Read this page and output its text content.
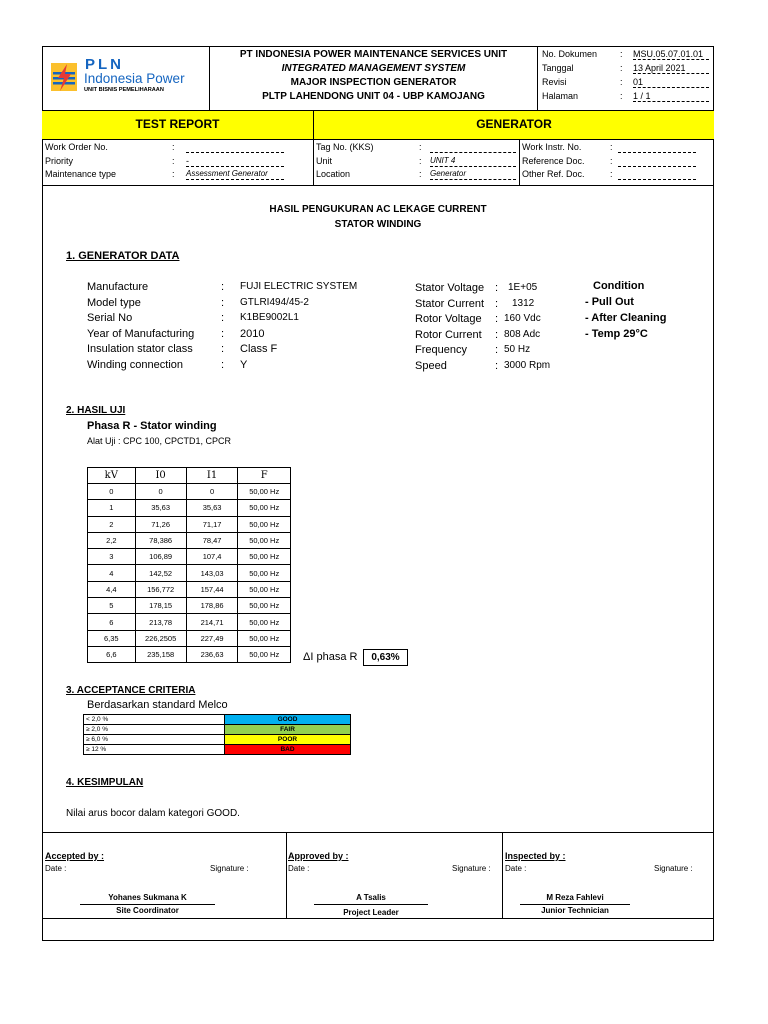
PLN
Indonesia Power
UNIT BISNIS PEMELIHARAAN
PT INDONESIA POWER MAINTENANCE SERVICES UNIT
INTEGRATED MANAGEMENT SYSTEM
MAJOR INSPECTION GENERATOR
PLTP LAHENDONG UNIT 04 - UBP KAMOJANG
No. Dokumen	: MSU.05.07.01.01
Tanggal	: 13 April 2021
Revisi	: 01
Halaman	: 1 / 1
TEST REPORT	GENERATOR
Work Order No.	:
Priority	: -
Maintenance type	: Assessment Generator
Tag No. (KKS)	:
Unit	: UNIT 4
Location	: Generator
Work Instr. No.	:
Reference Doc.	:
Other Ref. Doc.	:
HASIL PENGUKURAN AC LEKAGE CURRENT
STATOR WINDING
1. GENERATOR DATA
Manufacture	: FUJI ELECTRIC SYSTEM
Model type	: GTLRI494/45-2
Serial No	: K1BE9002L1
Year of Manufacturing : 2010
Insulation stator class	: Class F
Winding connection	: Y
Stator Voltage : 1E+05
Stator Current : 1312
Rotor Voltage : 160 Vdc
Rotor Current : 808 Adc
Frequency	: 50 Hz
Speed	: 3000 Rpm
Condition
- Pull Out
- After Cleaning
- Temp 29°C
2. HASIL UJI
Phasa R - Stator winding
Alat Uji : CPC 100, CPCTD1, CPCR
kV	I0	I1	F
0	0	0	50,00 Hz
1	35,63	35,63	50,00 Hz
2	71,26	71,17	50,00 Hz
2,2	78,386	78,47	50,00 Hz
3	106,89	107,4	50,00 Hz
4	142,52	143,03	50,00 Hz
4,4	156,772	157,44	50,00 Hz
5	178,15	178,86	50,00 Hz
6	213,78	214,71	50,00 Hz
6,35	226,2505	227,49	50,00 Hz
6,6	235,158	236,63	50,00 Hz ΔI phasa R	0,63%
3. ACCEPTANCE CRITERIA
Berdasarkan standard Melco
< 2,0 %	GOOD
≥ 2,0 %	FAIR
≥ 6,0 %	POOR
≥ 12 %	BAD
4. KESIMPULAN
Nilai arus bocor dalam kategori GOOD.
Accepted by :
Date :	Signature :
Yohanes Sukmana K
Site Coordinator
Approved by :
Date :	Signature :
A Tsalis
Project Leader
Inspected by :
Date :	Signature :
M Reza Fahlevi
Junior Technician
